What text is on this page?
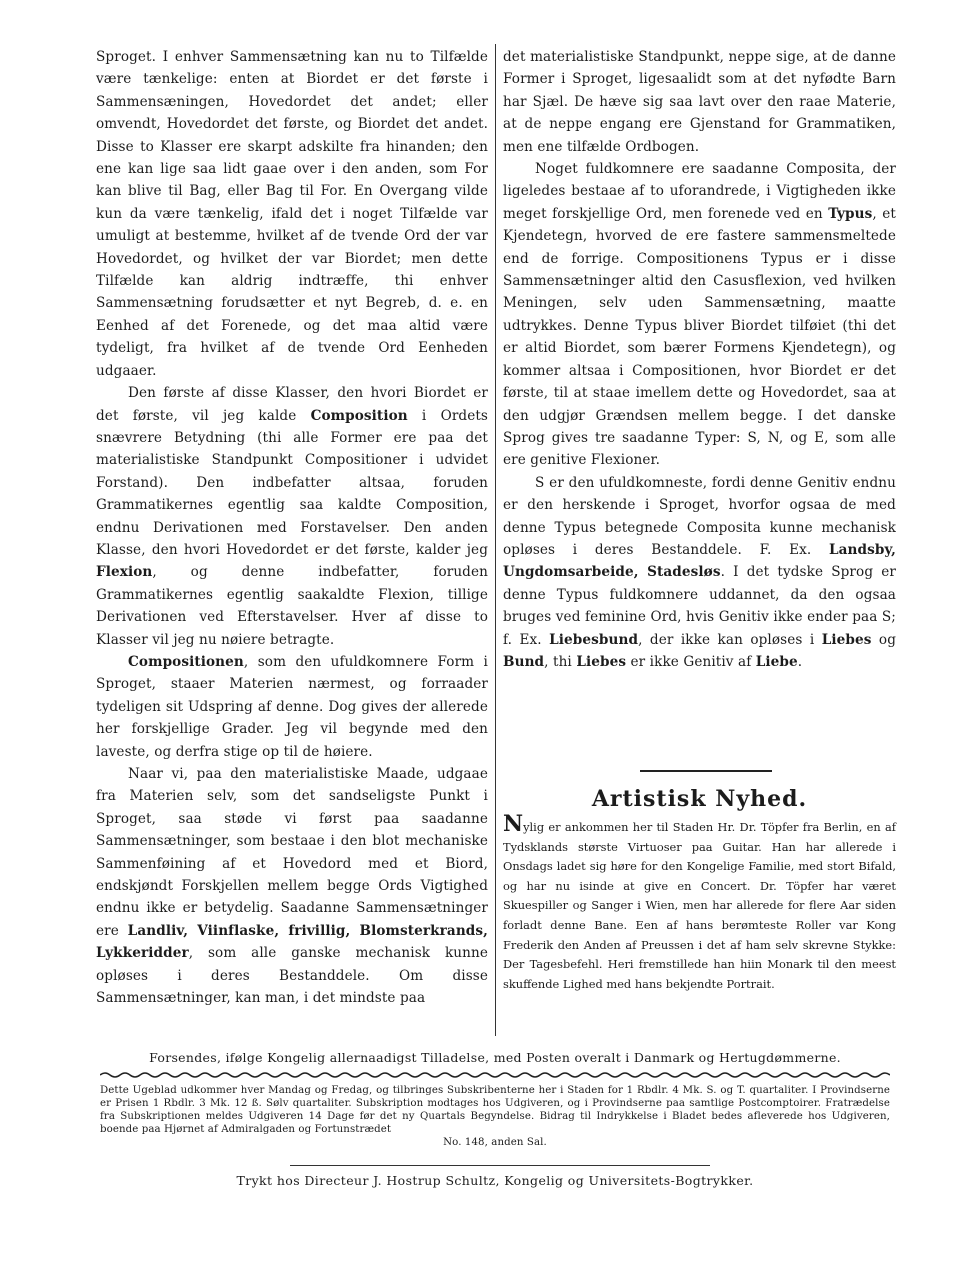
Sproget. I enhver Sammensætning kan nu to Tilfælde være tænkelige: enten at Biordet er det første i Sammensæningen, Hovedordet det andet; eller omvendt, Hovedordet det første, og Biordet det andet. Disse to Klasser ere skarpt adskilte fra hinanden; den ene kan lige saa lidt gaae over i den anden, som For kan blive til Bag, eller Bag til For. En Overgang vilde kun da være tænkelig, ifald det i noget Tilfælde var umuligt at bestemme, hvilket af de tvende Ord der var Hovedordet, og hvilket der var Biordet; men dette Tilfælde kan aldrig indtræffe, thi enhver Sammensætning forudsætter et nyt Begreb, d. e. en Eenhed af det Forenede, og det maa altid være tydeligt, fra hvilket af de tvende Ord Eenheden udgaaer.

Den første af disse Klasser, den hvori Biordet er det første, vil jeg kalde Composition i Ordets snævrere Betydning (thi alle Former ere paa det materialistiske Standpunkt Compositioner i udvidet Forstand). Den indbefatter altsaa, foruden Grammatikernes egentlig saa kaldte Composition, endnu Derivationen med Forstavelser. Den anden Klasse, den hvori Hovedordet er det første, kalder jeg Flexion, og denne indbefatter, foruden Grammatikernes egentlig saakaldte Flexion, tillige Derivationen ved Efterstavelser. Hver af disse to Klasser vil jeg nu nøiere betragte.

Compositionen, som den ufuldkomnere Form i Sproget, staaer Materien nærmest, og forraader tydeligen sit Udspring af denne. Dog gives der allerede her forskjellige Grader. Jeg vil begynde med den laveste, og derfra stige op til de høiere.

Naar vi, paa den materialistiske Maade, udgaae fra Materien selv, som det sandseligste Punkt i Sproget, saa støde vi først paa saadanne Sammensætninger, som bestaae i den blot mechaniske Sammenføining af et Hovedord med et Biord, endskjøndt Forskjellen mellem begge Ords Vigtighed endnu ikke er betydelig. Saadanne Sammensætninger ere Landliv, Viinflaske, frivillig, Blomsterkrands, Lykkeridder, som alle ganske mechanisk kunne opløses i deres Bestanddele. Om disse Sammensætninger, kan man, i det mindste paa

det materialistiske Standpunkt, neppe sige, at de danne Former i Sproget, ligesaalidt som at det nyfødte Barn har Sjæl. De hæve sig saa lavt over den raae Materie, at de neppe engang ere Gjenstand for Grammatiken, men ene tilfælde Ordbogen.

Noget fuldkomnere ere saadanne Composita, der ligeledes bestaae af to uforandrede, i Vigtigheden ikke meget forskjellige Ord, men forenede ved en Typus, et Kjendetegn, hvorved de ere fastere sammensmeltede end de forrige. Compositionens Typus er i disse Sammensætninger altid den Casusflexion, ved hvilken Meningen, selv uden Sammensætning, maatte udtrykkes. Denne Typus bliver Biordet tilføiet (thi det er altid Biordet, som bærer Formens Kjendetegn), og kommer altsaa i Compositionen, hvor Biordet er det første, til at staae imellem dette og Hovedordet, saa at den udgjør Grændsen mellem begge. I det danske Sprog gives tre saadanne Typer: S, N, og E, som alle ere genitive Flexioner.

S er den ufuldkomneste, fordi denne Genitiv endnu er den herskende i Sproget, hvorfor ogsaa de med denne Typus betegnede Composita kunne mechanisk opløses i deres Bestanddele. F. Ex. Landsby, Ungdomsarbeide, Stadesløs. I det tydske Sprog er denne Typus fuldkomnere uddannet, da den ogsaa bruges ved feminine Ord, hvis Genitiv ikke ender paa S; f. Ex. Liebesbund, der ikke kan opløses i Liebes og Bund, thi Liebes er ikke Genitiv af Liebe.

Artistisk Nyhed.
Nylig er ankommen her til Staden Hr. Dr. Töpfer fra Berlin, en af Tydsklands største Virtuoser paa Guitar. Han har allerede i Onsdags ladet sig høre for den Kongelige Familie, med stort Bifald, og har nu isinde at give en Concert. Dr. Töpfer har været Skuespiller og Sanger i Wien, men har allerede for flere Aar siden forladt denne Bane. Een af hans berømteste Roller var Kong Frederik den Anden af Preussen i det af ham selv skrevne Stykke: Der Tagesbefehl. Heri fremstillede han hiin Monark til den meest skuffende Lighed med hans bekjendte Portrait.
Forsendes, ifølge Kongelig allernaadigst Tilladelse, med Posten overalt i Danmark og Hertugdømmerne.
Dette Ugeblad udkommer hver Mandag og Fredag, og tilbringes Subskribenterne her i Staden for 1 Rbdlr. 4 Mk. S. og T. quartaliter. I Provindserne er Prisen 1 Rbdlr. 3 Mk. 12 ß. Sølv quartaliter. Subskription modtages hos Udgiveren, og i Provindserne paa samtlige Postcomptoirer. Fratrædelse fra Subskriptionen meldes Udgiveren 14 Dage før det ny Quartals Begyndelse. Bidrag til Indrykkelse i Bladet bedes afleverede hos Udgiveren, boende paa Hjørnet af Admiralgaden og Fortunstrædet
No. 148, anden Sal.
Trykt hos Directeur J. Hostrup Schultz, Kongelig og Universitets-Bogtrykker.
